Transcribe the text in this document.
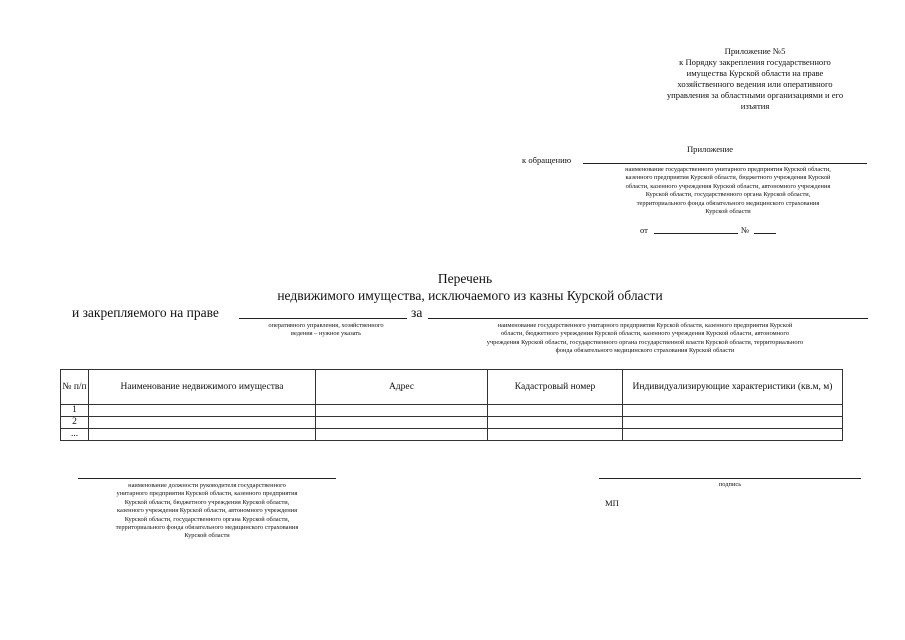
Приложение №5
к Порядку закрепления государственного
имущества Курской области на праве
хозяйственного ведения или оперативного
управления за областными организациями и его
изъятия
Приложение
к обращению
наименование государственного унитарного предприятия Курской области,
казенного предприятия Курской области, бюджетного учреждения Курской
области, казенного учреждения Курской области, автономного учреждения
Курской области, государственного органа Курской области,
территориального фонда обязательного медицинского страхования
Курской области
от	№
Перечень
недвижимого имущества, исключаемого из казны Курской области
и закрепляемого на праве	за
оперативного управления, хозяйственного
ведения – нужное указать
наименование государственного унитарного предприятия Курской области, казенного предприятия Курской
области, бюджетного учреждения Курской области, казенного учреждения Курской области, автономного
учреждения Курской области, государственного органа государственной власти Курской области, территориального
фонда обязательного медицинского страхования Курской области
№ п/п	Наименование недвижимого имущества	Адрес	Кадастровый номер	Индивидуализирующие характеристики (кв.м, м)
1				
2				
...				
наименование должности руководителя государственного
унитарного предприятия Курской области, казенного предприятия
Курской области, бюджетного учреждения Курской области,
казенного учреждения Курской области, автономного учреждения
Курской области, государственного органа Курской области,
территориального фонда обязательного медицинского страхования
Курской области
подпись
МП
